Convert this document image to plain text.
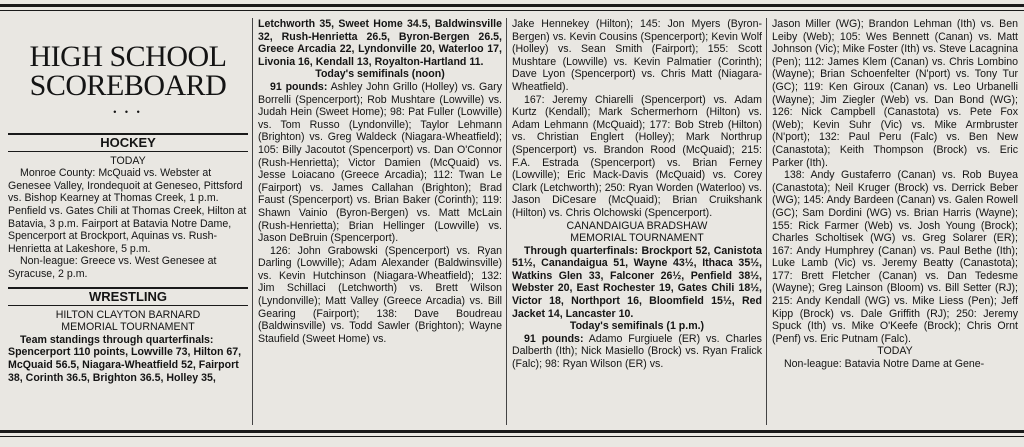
HIGH SCHOOL
SCOREBOARD
• • •
HOCKEY
TODAY

Monroe County: McQuaid vs. Webster at Genesee Valley, Irondequoit at Geneseo, Pittsford vs. Bishop Kearney at Thomas Creek, 1 p.m. Penfield vs. Gates Chili at Thomas Creek, Hilton at Batavia, 3 p.m. Fairport at Batavia Notre Dame, Spencerport at Brockport, Aquinas vs. Rush-Henrietta at Lakeshore, 5 p.m.

Non-league: Greece vs. West Genesee at Syracuse, 2 p.m.

WRESTLING
HILTON CLAYTON BARNARD
MEMORIAL TOURNAMENT

Team standings through quarterfinals: Spencerport 110 points, Lowville 73, Hilton 67, McQuaid 56.5, Niagara-Wheatfield 52, Fairport 38, Corinth 36.5, Brighton 36.5, Holley 35,

Letchworth 35, Sweet Home 34.5, Baldwinsville 32, Rush-Henrietta 26.5, Byron-Bergen 26.5, Greece Arcadia 22, Lyndonville 20, Waterloo 17, Livonia 16, Kendall 13, Royalton-Hartland 11.

Today's semifinals (noon)

91 pounds: Ashley John Grillo (Holley) vs. Gary Borrelli (Spencerport); Rob Mushtare (Lowville) vs. Judah Hein (Sweet Home); 98: Pat Fuller (Lowville) vs. Tom Russo (Lyndonville); Taylor Lehmann (Brighton) vs. Greg Waldeck (Niagara-Wheatfield); 105: Billy Jacoutot (Spencerport) vs. Dan O'Connor (Rush-Henrietta); Victor Damien (McQuaid) vs. Jesse Loiacano (Greece Arcadia); 112: Twan Le (Fairport) vs. James Callahan (Brighton); Brad Faust (Spencerport) vs. Brian Baker (Corinth); 119: Shawn Vainio (Byron-Bergen) vs. Matt McLain (Rush-Henrietta); Brian Hellinger (Lowville) vs. Jason DeBruin (Spencerport).

126: John Grabowski (Spencerport) vs. Ryan Darling (Lowville); Adam Alexander (Baldwinsville) vs. Kevin Hutchinson (Niagara-Wheatfield); 132: Jim Schillaci (Letchworth) vs. Brett Wilson (Lyndonville); Matt Valley (Greece Arcadia) vs. Bill Gearing (Fairport); 138: Dave Boudreau (Baldwinsville) vs. Todd Sawler (Brighton); Wayne Staufield (Sweet Home) vs.

Jake Hennekey (Hilton); 145: Jon Myers (Byron-Bergen) vs. Kevin Cousins (Spencerport); Kevin Wolf (Holley) vs. Sean Smith (Fairport); 155: Scott Mushtare (Lowville) vs. Kevin Palmatier (Corinth); Dave Lyon (Spencerport) vs. Chris Matt (Niagara-Wheatfield).

167: Jeremy Chiarelli (Spencerport) vs. Adam Kurtz (Kendall); Mark Schermerhorn (Hilton) vs. Adam Lehmann (McQuaid); 177: Bob Streb (Hilton) vs. Christian Englert (Holley); Mark Northrup (Spencerport) vs. Brandon Rood (McQuaid); 215: F.A. Estrada (Spencerport) vs. Brian Ferney (Lowville); Eric Mack-Davis (McQuaid) vs. Corey Clark (Letchworth); 250: Ryan Worden (Waterloo) vs. Jason DiCesare (McQuaid); Brian Cruikshank (Hilton) vs. Chris Olchowski (Spencerport).

CANANDAIGUA BRADSHAW
MEMORIAL TOURNAMENT

Through quarterfinals: Brockport 52, Canistota 51½, Canandaigua 51, Wayne 43½, Ithaca 35½, Watkins Glen 33, Falconer 26½, Penfield 38½, Webster 20, East Rochester 19, Gates Chili 18½, Victor 18, Northport 16, Bloomfield 15½, Red Jacket 14, Lancaster 10.

Today's semifinals (1 p.m.)

91 pounds: Adamo Furgiuele (ER) vs. Charles Dalberth (Ith); Nick Masiello (Brock) vs. Ryan Fralick (Falc); 98: Ryan Wilson (ER) vs.

Jason Miller (WG); Brandon Lehman (Ith) vs. Ben Leiby (Web); 105: Wes Bennett (Canan) vs. Matt Johnson (Vic); Mike Foster (Ith) vs. Steve Lacagnina (Pen); 112: James Klem (Canan) vs. Chris Lombino (Wayne); Brian Schoenfelter (N'port) vs. Tony Tur (GC); 119: Ken Giroux (Canan) vs. Leo Urbanelli (Wayne); Jim Ziegler (Web) vs. Dan Bond (WG); 126: Nick Campbell (Canastota) vs. Pete Fox (Web); Kevin Suhr (Vic) vs. Mike Armbruster (N'port); 132: Paul Peru (Falc) vs. Ben New (Canastota); Keith Thompson (Brock) vs. Eric Parker (Ith).

138: Andy Gustaferro (Canan) vs. Rob Buyea (Canastota); Neil Kruger (Brock) vs. Derrick Beber (WG); 145: Andy Bardeen (Canan) vs. Galen Rowell (GC); Sam Dordini (WG) vs. Brian Harris (Wayne); 155: Rick Farmer (Web) vs. Josh Young (Brock); Charles Scholtisek (WG) vs. Greg Solarer (ER); 167: Andy Humphrey (Canan) vs. Paul Bethe (Ith); Luke Lamb (Vic) vs. Jeremy Beatty (Canastota); 177: Brett Fletcher (Canan) vs. Dan Tedesme (Wayne); Greg Lainson (Bloom) vs. Bill Setter (RJ); 215: Andy Kendall (WG) vs. Mike Liess (Pen); Jeff Kipp (Brock) vs. Dale Griffith (RJ); 250: Jeremy Spuck (Ith) vs. Mike O'Keefe (Brock); Chris Ornt (Penf) vs. Eric Putnam (Falc).

TODAY

Non-league: Batavia Notre Dame at Gene-
